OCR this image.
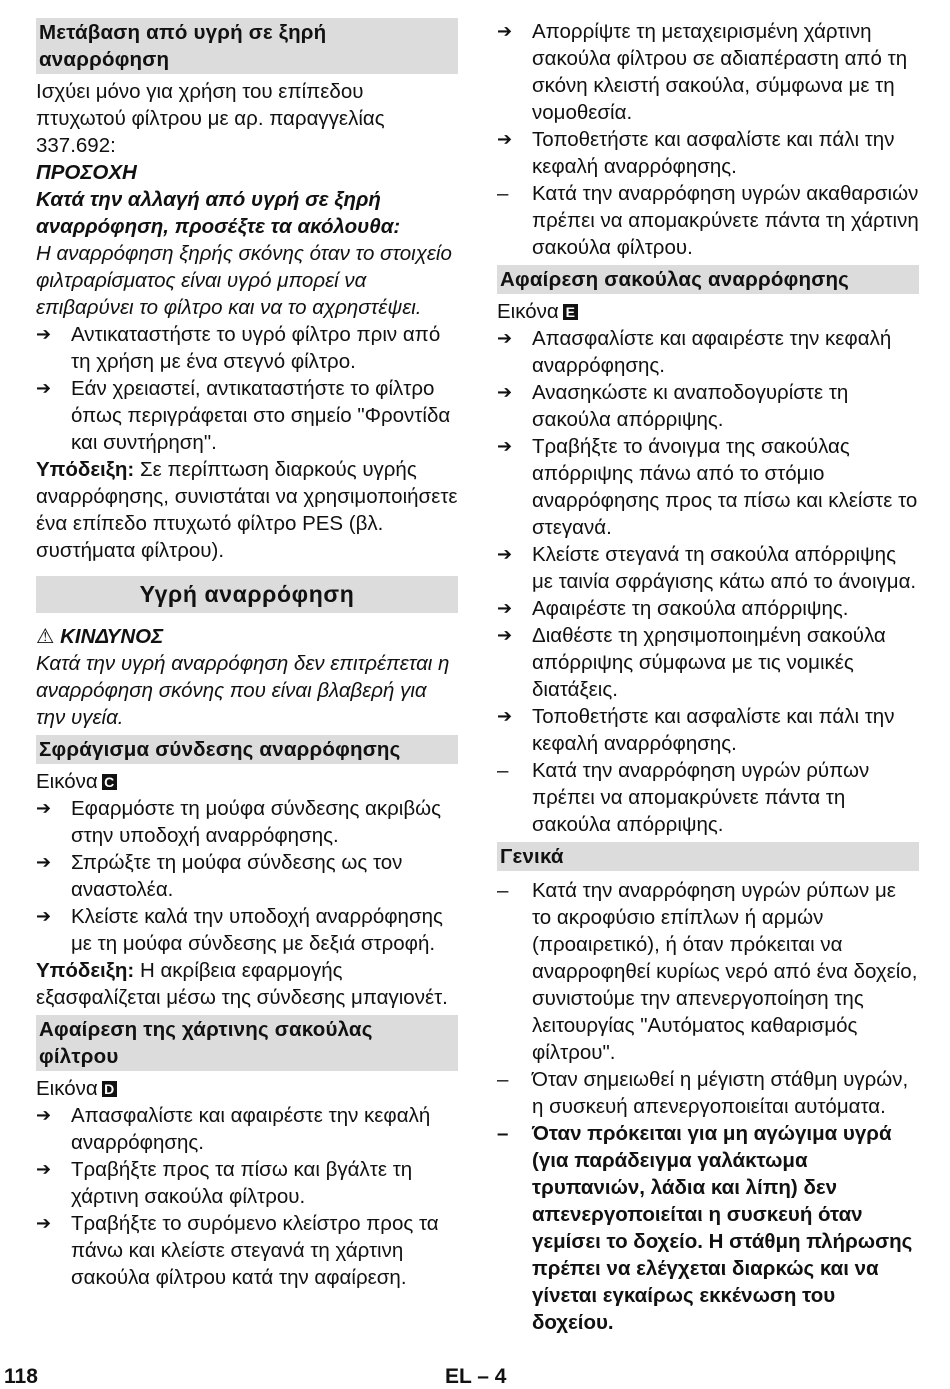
Μετάβαση από υγρή σε ξηρή αναρρόφηση

Ισχύει μόνο για χρήση του επίπεδου πτυχωτού φίλτρου με αρ. παραγγελίας 337.692:

ΠΡΟΣΟΧΗ

Κατά την αλλαγή από υγρή σε ξηρή αναρρόφηση, προσέξτε τα ακόλουθα:

Η αναρρόφηση ξηρής σκόνης όταν το στοιχείο φιλτραρίσματος είναι υγρό μπορεί να επιβαρύνει το φίλτρο και να το αχρηστέψει.

➔ Αντικαταστήστε το υγρό φίλτρο πριν από τη χρήση με ένα στεγνό φίλτρο.
➔ Εάν χρειαστεί, αντικαταστήστε το φίλτρο όπως περιγράφεται στο σημείο "Φροντίδα και συντήρηση".

Υπόδειξη: Σε περίπτωση διαρκούς υγρής αναρρόφησης, συνιστάται να χρησιμοποιήσετε ένα επίπεδο πτυχωτό φίλτρο PES (βλ. συστήματα φίλτρου).

Υγρή αναρρόφηση

⚠ ΚΙΝΔΥΝΟΣ

Κατά την υγρή αναρρόφηση δεν επιτρέπεται η αναρρόφηση σκόνης που είναι βλαβερή για την υγεία.

Σφράγισμα σύνδεσης αναρρόφησης

Εικόνα C

➔ Εφαρμόστε τη μούφα σύνδεσης ακριβώς στην υποδοχή αναρρόφησης.
➔ Σπρώξτε τη μούφα σύνδεσης ως τον αναστολέα.
➔ Κλείστε καλά την υποδοχή αναρρόφησης με τη μούφα σύνδεσης με δεξιά στροφή.

Υπόδειξη: Η ακρίβεια εφαρμογής εξασφαλίζεται μέσω της σύνδεσης μπαγιονέτ.

Αφαίρεση της χάρτινης σακούλας φίλτρου

Εικόνα D

➔ Απασφαλίστε και αφαιρέστε την κεφαλή αναρρόφησης.
➔ Τραβήξτε προς τα πίσω και βγάλτε τη χάρτινη σακούλα φίλτρου.
➔ Τραβήξτε το συρόμενο κλείστρο προς τα πάνω και κλείστε στεγανά τη χάρτινη σακούλα φίλτρου κατά την αφαίρεση.
➔ Απορρίψτε τη μεταχειρισμένη χάρτινη σακούλα φίλτρου σε αδιαπέραστη από τη σκόνη κλειστή σακούλα, σύμφωνα με τη νομοθεσία.
➔ Τοποθετήστε και ασφαλίστε και πάλι την κεφαλή αναρρόφησης.
–	Κατά την αναρρόφηση υγρών ακαθαρσιών πρέπει να απομακρύνετε πάντα τη χάρτινη σακούλα φίλτρου.
Αφαίρεση σακούλας αναρρόφησης

Εικόνα E

➔ Απασφαλίστε και αφαιρέστε την κεφαλή αναρρόφησης.
➔ Ανασηκώστε κι αναποδογυρίστε τη σακούλα απόρριψης.
➔ Τραβήξτε το άνοιγμα της σακούλας απόρριψης πάνω από το στόμιο αναρρόφησης προς τα πίσω και κλείστε το στεγανά.
➔ Κλείστε στεγανά τη σακούλα απόρριψης με ταινία σφράγισης κάτω από το άνοιγμα.
➔ Αφαιρέστε τη σακούλα απόρριψης.
➔ Διαθέστε τη χρησιμοποιημένη σακούλα απόρριψης σύμφωνα με τις νομικές διατάξεις.
➔ Τοποθετήστε και ασφαλίστε και πάλι την κεφαλή αναρρόφησης.
–	Κατά την αναρρόφηση υγρών ρύπων πρέπει να απομακρύνετε πάντα τη σακούλα απόρριψης.
Γενικά
–	Κατά την αναρρόφηση υγρών ρύπων με το ακροφύσιο επίπλων ή αρμών (προαιρετικό), ή όταν πρόκειται να αναρροφηθεί κυρίως νερό από ένα δοχείο, συνιστούμε την απενεργοποίηση της λειτουργίας "Αυτόματος καθαρισμός φίλτρου".
–	Όταν σημειωθεί η μέγιστη στάθμη υγρών, η συσκευή απενεργοποιείται αυτόματα.
–	Όταν πρόκειται για μη αγώγιμα υγρά (για παράδειγμα γαλάκτωμα τρυπανιών, λάδια και λίπη) δεν απενεργοποιείται η συσκευή όταν γεμίσει το δοχείο. Η στάθμη πλήρωσης πρέπει να ελέγχεται διαρκώς και να γίνεται εγκαίρως εκκένωση του δοχείου.
118	EL – 4
